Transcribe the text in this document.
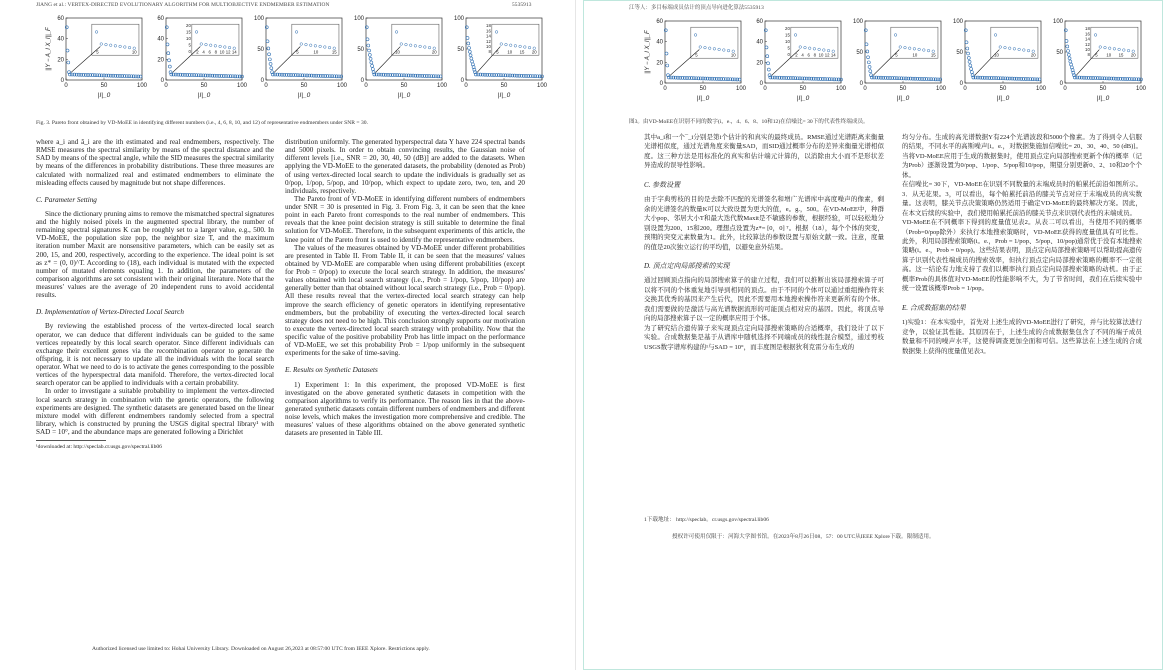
JIANG et al.: VERTEX-DIRECTED EVOLUTIONARY ALGORITHM FOR MULTIOBJECTIVE ENDMEMBER ESTIMATION	5535913
0	50	100
0
20
40
60
|I|_0
||Y − A_I X_I||_F	5	10
0	50	100
0
20
40
60
|I|_0
2 4 6 8 10 12 14
20
15
10
5
0
0	50	100
0
50
100
|I|_0
5	10	15
0	50	100
0
50
100
|I|_0
10	20
0	50	100
0
50
100
|I|_0
5 10 15 20
18
16
14
12
10
8
Fig. 3. Pareto front obtained by VD-MoEE in identifying different numbers (i.e., 4, 6, 8, 10, and 12) of representative endmembers under SNR = 30.

where a_i and â_i are the ith estimated and real endmembers, respectively. The RMSE measures the spectral similarity by means of the spectral distance and the SAD by means of the spectral angle, while the SID measures the spectral similarity by means of the differences in probability distributions. These three measures are calculated with normalized real and estimated endmembers to eliminate the misleading effects caused by magnitude but not shape differences.

C. Parameter Setting

Since the dictionary pruning aims to remove the mismatched spectral signatures and the highly noised pixels in the augmented spectral library, the number of remaining spectral signatures K can be roughly set to a larger value, e.g., 500. In VD-MoEE, the population size pop, the neighbor size T, and the maximum iteration number Maxit are nonsensitive parameters, which can be easily set as 200, 15, and 200, respectively, according to the experience. The ideal point is set as z* = (0, 0)^T. According to (18), each individual is mutated with the expected number of mutated elements equaling 1. In addition, the parameters of the comparison algorithms are set consistent with their original literature. Note that the measures' values are the average of 20 independent runs to avoid accidental results.

D. Implementation of Vertex-Directed Local Search

By reviewing the established process of the vertex-directed local search operator, we can deduce that different individuals can be guided to the same vertices repeatedly by this local search operator. Since different individuals can exchange their excellent genes via the recombination operator to generate the offspring, it is not necessary to update all the individuals with the local search operator. What we need to do is to activate the genes corresponding to the possible vertices of the hyperspectral data manifold. Therefore, the vertex-directed local search operator can be applied to individuals with a certain probability.

In order to investigate a suitable probability to implement the vertex-directed local search strategy in combination with the genetic operators, the following experiments are designed. The synthetic datasets are generated based on the linear mixture model with different endmembers randomly selected from a spectral library, which is constructed by pruning the USGS digital spectral library¹ with SAD = 10°, and the abundance maps are generated following a Dirichlet

¹downloaded at: http://speclab.cr.usgs.gov/spectral.lib06

distribution uniformly. The generated hyperspectral data Y have 224 spectral bands and 5000 pixels. In order to obtain convincing results, the Gaussian noise of different levels [i.e., SNR = 20, 30, 40, 50 (dB)] are added to the datasets. When applying the VD-MoEE to the generated datasets, the probability (denoted as Prob) of using vertex-directed local search to update the individuals is gradually set as 0/pop, 1/pop, 5/pop, and 10/pop, which expect to update zero, two, ten, and 20 individuals, respectively.

The Pareto front of VD-MoEE in identifying different numbers of endmembers under SNR = 30 is presented in Fig. 3. From Fig. 3, it can be seen that the knee point in each Pareto front corresponds to the real number of endmembers. This reveals that the knee point decision strategy is still suitable to determine the final solution for VD-MoEE. Therefore, in the subsequent experiments of this article, the knee point of the Pareto front is used to identify the representative endmembers.

The values of the measures obtained by VD-MoEE under different probabilities are presented in Table II. From Table II, it can be seen that the measures' values obtained by VD-MoEE are comparable when using different probabilities (except for Prob = 0/pop) to execute the local search strategy. In addition, the measures' values obtained with local search strategy (i.e., Prob = 1/pop, 5/pop, 10/pop) are generally better than that obtained without local search strategy (i.e., Prob = 0/pop). All these results reveal that the vertex-directed local search strategy can help improve the search efficiency of genetic operators in identifying representative endmembers, but the probability of executing the vertex-directed local search strategy does not need to be high. This conclusion strongly supports our motivation to execute the vertex-directed local search strategy with probability. Now that the specific value of the positive probability Prob has little impact on the performance of VD-MoEE, we set this probability Prob = 1/pop uniformly in the subsequent experiments for the sake of time-saving.

E. Results on Synthetic Datasets

1) Experiment 1: In this experiment, the proposed VD-MoEE is first investigated on the above generated synthetic datasets in competition with the comparison algorithms to verify its performance. The reason lies in that the above-generated synthetic datasets contain different numbers of endmembers and different noise levels, which makes the investigation more comprehensive and credible. The measures' values of these algorithms obtained on the above generated synthetic datasets are presented in Table III.

Authorized licensed use limited to: Hohai University Library. Downloaded on August 26,2023 at 08:57:00 UTC from IEEE Xplore. Restrictions apply.
江等人：多目标端成员估计的顶点导向进化算法5535913
0	50	100
0
20
40
60
|I|_0
||Y − A_I X_I||_F	5	10
0	50	100
0
20
40
60
|I|_0
2 4 6 8 10 12 14
20
15
10
5
0
0	50	100
0
50
100
|I|_0
5	10	15
0	50	100
0
50
100
|I|_0
10	20
0	50	100
0
50
100
|I|_0
5 10 15 20
18
16
14
12
10
8
图3。由VD-MoEE在识别不同的数字(i，e.，4、6、8、10和12)在信噪比= 30下的代表性终端成员。

其中a_i和一个¯_i分别是第i个估计的和真实的最终成员。RMSE通过光谱距离来衡量光谱相似度，通过光谱角度来衡量SAD，而SID通过概率分布的差异来衡量光谱相似度。这三种方法是用标准化的真实和估计端元计算的，以消除由大小而不是形状差异造成的误导性影响。

C. 参数设置

由于字典剪枝的目的是去除不匹配的光谱签名和增广光谱库中高度噪声的像素，剩余的光谱签名的数量K可以大致设置为更大的值，e。g.，500。在VD-MoEE中，种群大小pop、邻居大小T和最大迭代数Maxit是不敏感的参数，根据经验，可以轻松地分别设置为200、15和200。理想点设置为z*= [0，0] ᵀ。根据（18），每个个体的突变，预期的突变元素数量为1。此外，比较算法的参数设置与原始文献一致。注意，度量的值是20次独立运行的平均值，以避免意外结果。

D. 顶点定向局部搜索的实现

通过回顾顶点指向的局部搜索算子的建立过程，我们可以推断出该局部搜索算子可以将不同的个体重复地引导到相同的顶点。由于不同的个体可以通过重组操作符来交换其优秀的基因来产生后代，因此不需要用本地搜索操作符来更新所有的个体。我们需要做的是激活与高光谱数据流形的可能顶点相对应的基因。因此，将顶点导向的局部搜索算子以一定的概率应用于个体。

为了研究结合遗传算子来实现顶点定向局部搜索策略的合适概率，我们设计了以下实验。合成数据集是基于从谱库中随机选择不同端成员的线性混合模型，通过剪枝USGS数字谱库构建的¹与SAD = 10°，而丰度图是根据狄利克雷分布生成的

均匀分布。生成的高光谱数据Y有224个光谱波段和5000个像素。为了得到令人信服的结果，不同水平的高斯噪声[i。e.，对数据集施加信噪比= 20、30、40、50 (dB)]。当将VD-MoEE应用于生成的数据集时，使用顶点定向局部搜索更新个体的概率（记为Prob）逐渐设置为0/pop、1/pop、5/pop和10/pop，期望分别更新0、2、10和20个个体。

在信噪比= 30下，VD-MoEE在识别不同数量的末端成员时的帕累托前沿如图所示。3．从无花果。3，可以看出，每个帕累托前沿的膝关节点对应于末端成员的真实数量。这表明，膝关节点决策策略仍然适用于确定VD-MoEE的最终解决方案。因此，在本文后续的实验中，我们使用帕累托前沿的膝关节点来识别代表性的末端成员。

VD-MoEE在不同概率下得到的度量值见表2。从表二可以看出，当使用不同的概率（Prob=0/pop除外）来执行本地搜索策略时，VD-MoEE获得的度量值具有可比性。此外，利用局部搜索策略(i。e.，Prob = 1/pop、5/pop、10/pop)通常优于没有本地搜索策略(i。e.，Prob = 0/pop)。这些结果表明，顶点定向局部搜索策略可以帮助提高遗传算子识别代表性端成员的搜索效率，但执行顶点定向局部搜索策略的概率不一定很高。这一结论有力地支持了我们以概率执行顶点定向局部搜索策略的动机。由于正概率Prob的具体值对VD-MoEE的性能影响不大，为了节省时间，我们在后续实验中统一设置该概率Prob = 1/pop。

E. 合成数据集的结果

1)实验1：在本实验中，首先对上述生成的VD-MoEE进行了研究，并与比较算法进行竞争，以验证其性能。其原因在于，上述生成的合成数据集包含了不同的端子成员数量和不同的噪声水平，这使得调查更加全面和可信。这些算法在上述生成的合成数据集上获得的度量值见表3。

1下载地址： http://speclab。cr.usgs.gov/spectral.lib06
授权许可使用仅限于：河海大学图书馆。在2023年8月26日08，57：00 UTC从IEEE Xplore下载。限制适用。
